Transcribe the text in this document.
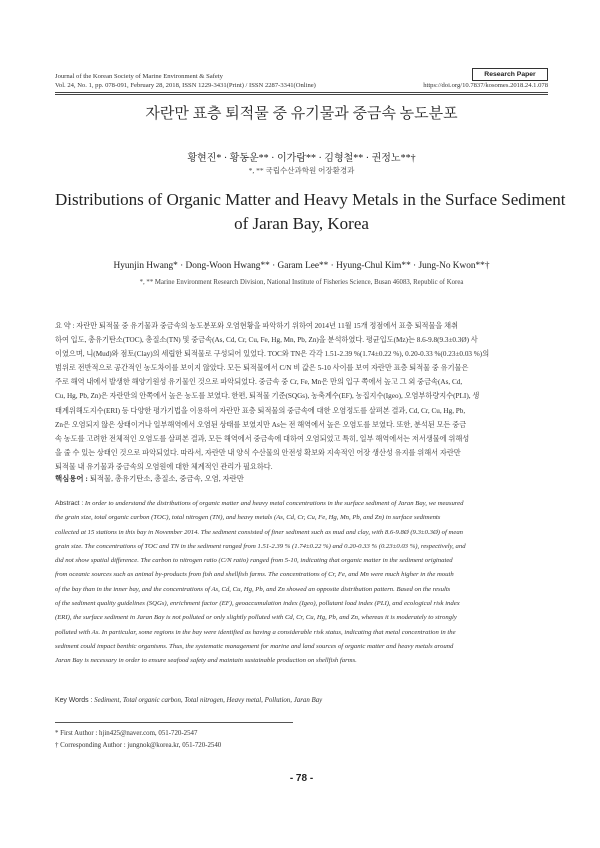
Journal of the Korean Society of Marine Environment & Safety	Research Paper
Vol. 24, No. 1, pp. 078-091, February 28, 2018, ISSN 1229-3431(Print) / ISSN 2287-3341(Online)	https://doi.org/10.7837/kosomes.2018.24.1.078
자란만 표층 퇴적물 중 유기물과 중금속 농도분포
황현진* · 황동운** · 이가람** · 김형철** · 권정노**†
*, ** 국립수산과학원 어장환경과
Distributions of Organic Matter and Heavy Metals in the Surface Sediment
of Jaran Bay, Korea
Hyunjin Hwang* · Dong-Woon Hwang** · Garam Lee** · Hyung-Chul Kim** · Jung-No Kwon**†
*, ** Marine Environment Research Division, National Institute of Fisheries Science, Busan 46083, Republic of Korea
요 약 : 자란만 퇴적물 중 유기물과 중금속의 농도분포와 오염현황을 파악하기 위하여 2014년 11월 15개 정점에서 표층 퇴적물을 채취
하여 입도, 총유기탄소(TOC), 총질소(TN) 및 중금속(As, Cd, Cr, Cu, Fe, Hg, Mn, Pb, Zn)을 분석하였다. 평균입도(Mz)는 8.6-9.8(9.3±0.3Ø) 사
이였으며, 니(Mud)와 점토(Clay)의 세립한 퇴적물로 구성되어 있었다. TOC와 TN은 각각 1.51-2.39 %(1.74±0.22 %), 0.20-0.33 %(0.23±0.03 %)의
범위로 전반적으로 공간적인 농도차이를 보이지 않았다. 모든 퇴적물에서 C/N 비 값은 5-10 사이를 보여 자란만 표층 퇴적물 중 유기물은
주로 해역 내에서 발생한 해양기원성 유기물인 것으로 파악되었다. 중금속 중 Cr, Fe, Mn은 만의 입구 쪽에서 높고 그 외 중금속(As, Cd,
Cu, Hg, Pb, Zn)은 자란만의 안쪽에서 높은 농도를 보였다. 한편, 퇴적물 기준(SQGs), 농축계수(EF), 농집지수(Igeo), 오염부하량지수(PLI), 생
태계위해도지수(ERI) 등 다양한 평가기법을 이용하여 자란만 표층 퇴적물의 중금속에 대한 오염정도를 살펴본 결과, Cd, Cr, Cu, Hg, Pb,
Zn은 오염되지 않은 상태이거나 일부해역에서 오염된 상태를 보였지만 As는 전 해역에서 높은 오염도를 보였다. 또한, 분석된 모든 중금
속 농도를 고려한 전체적인 오염도를 살펴본 결과, 모든 해역에서 중금속에 대하여 오염되었고 특히, 일부 해역에서는 저서생물에 위해성
을 줄 수 있는 상태인 것으로 파악되었다. 따라서, 자란만 내 양식 수산물의 안전성 확보와 지속적인 어장 생산성 유지를 위해서 자란만
퇴적물 내 유기물과 중금속의 오염원에 대한 체계적인 관리가 필요하다.
핵심용어 : 퇴적물, 총유기탄소, 총질소, 중금속, 오염, 자란만
Abstract : In order to understand the distributions of organic matter and heavy metal concentrations in the surface sediment of Jaran Bay, we measured
the grain size, total organic carbon (TOC), total nitrogen (TN), and heavy metals (As, Cd, Cr, Cu, Fe, Hg, Mn, Pb, and Zn) in surface sediments
collected at 15 stations in this bay in November 2014. The sediment consisted of finer sediment such as mud and clay, with 8.6-9.8Ø (9.3±0.3Ø) of mean
grain size. The concentrations of TOC and TN in the sediment ranged from 1.51-2.39 % (1.74±0.22 %) and 0.20-0.33 % (0.23±0.03 %), respectively, and
did not show spatial difference. The carbon to nitrogen ratio (C/N ratio) ranged from 5-10, indicating that organic matter in the sediment originated
from oceanic sources such as animal by-products from fish and shellfish farms. The concentrations of Cr, Fe, and Mn were much higher in the mouth
of the bay than in the inner bay, and the concentrations of As, Cd, Cu, Hg, Pb, and Zn showed an opposite distribution pattern. Based on the results
of the sediment quality guidelines (SQGs), enrichment factor (EF), geoaccumulation index (Igeo), pollutant load index (PLI), and ecological risk index
(ERI), the surface sediment in Jaran Bay is not polluted or only slightly polluted with Cd, Cr, Cu, Hg, Pb, and Zn, whereas it is moderately to strongly
polluted with As. In particular, some regions in the bay were identified as having a considerable risk status, indicating that metal concentration in the
sediment could impact benthic organisms. Thus, the systematic management for marine and land sources of organic matter and heavy metals around
Jaran Bay is necessary in order to ensure seafood safety and maintain sustainable production on shellfish farms.
Key Words : Sediment, Total organic carbon, Total nitrogen, Heavy metal, Pollution, Jaran Bay
* First Author : hjin425@naver.com, 051-720-2547
† Corresponding Author : jungnok@korea.kr, 051-720-2540
- 78 -
